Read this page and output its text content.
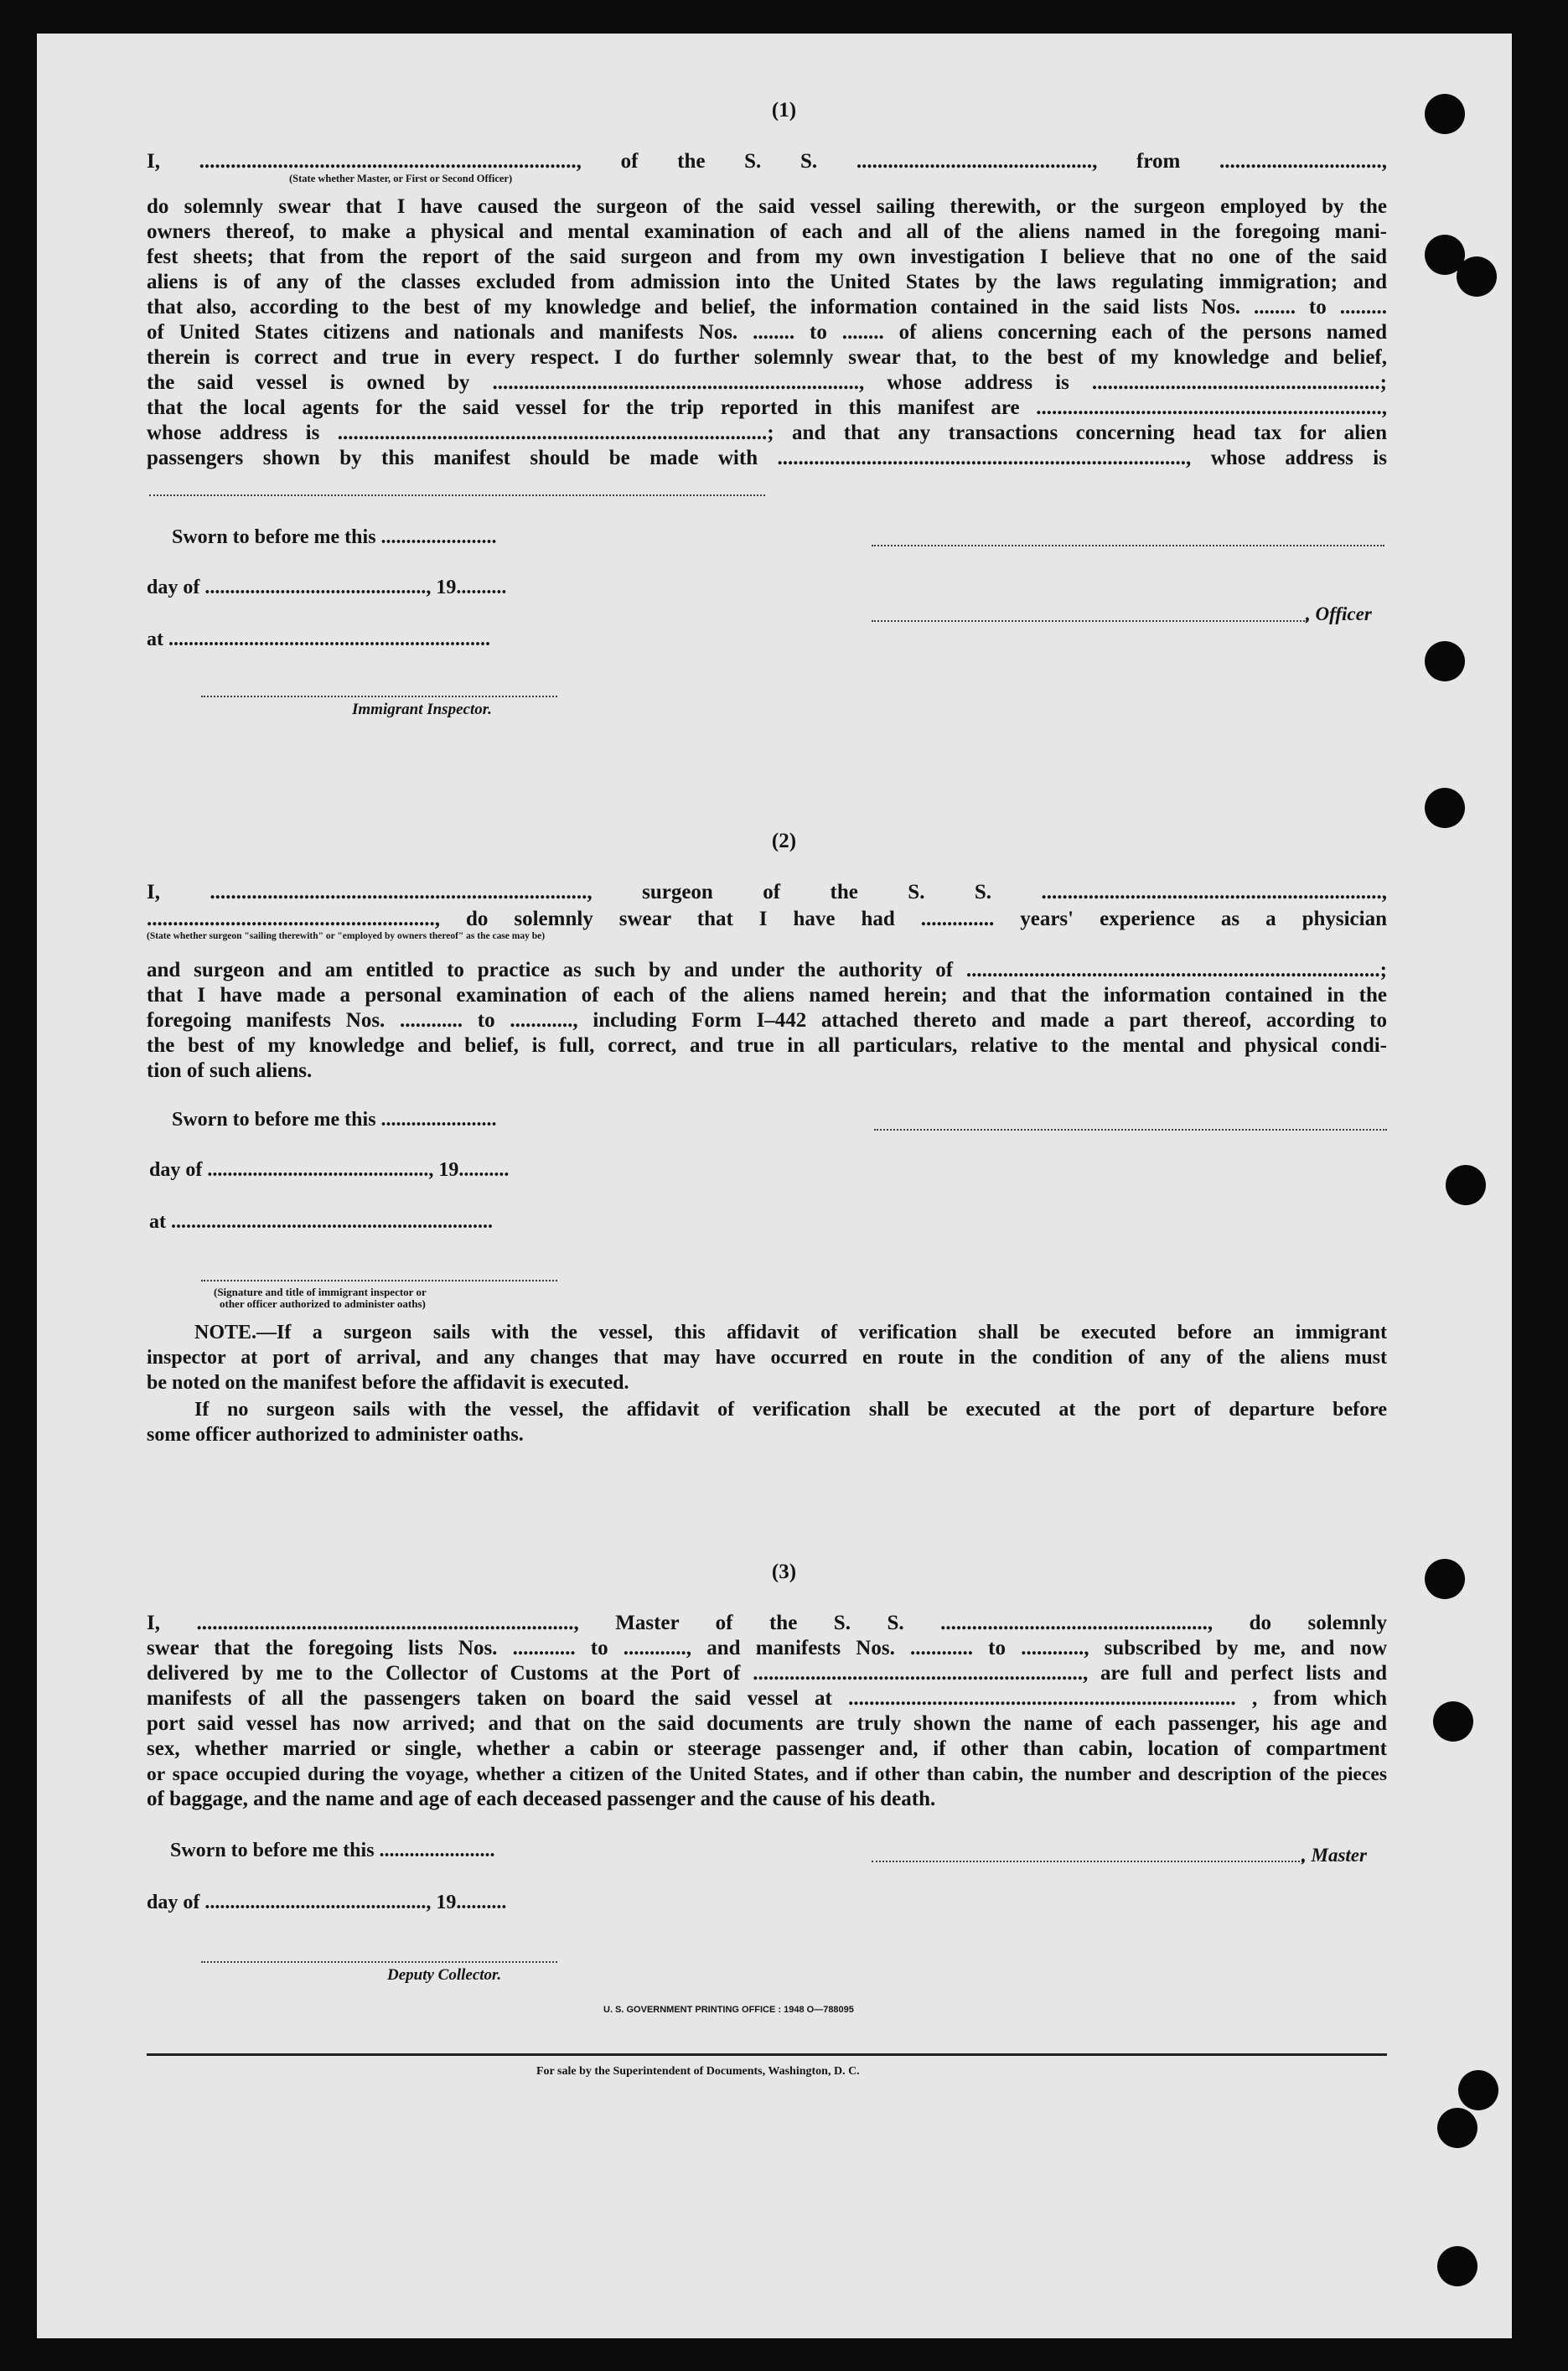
(1)
I, ........................................................................, of the S. S. ............................................., from ...............................,
(State whether Master, or First or Second Officer)
do solemnly swear that I have caused the surgeon of the said vessel sailing therewith, or the surgeon employed by the
owners thereof, to make a physical and mental examination of each and all of the aliens named in the foregoing mani-
fest sheets; that from the report of the said surgeon and from my own investigation I believe that no one of the said
aliens is of any of the classes excluded from admission into the United States by the laws regulating immigration; and
that also, according to the best of my knowledge and belief, the information contained in the said lists Nos. ........ to .........
of United States citizens and nationals and manifests Nos. ........ to ........ of aliens concerning each of the persons named
therein is correct and true in every respect. I do further solemnly swear that, to the best of my knowledge and belief,
the said vessel is owned by ......................................................................, whose address is .......................................................;
that the local agents for the said vessel for the trip reported in this manifest are ..................................................................,
whose address is ..................................................................................; and that any transactions concerning head tax for alien
passengers shown by this manifest should be made with .............................................................................., whose address is
Sworn to before me this .......................
day of ............................................, 19..........
, Officer
at ................................................................
Immigrant Inspector.
(2)
I, ........................................................................, surgeon of the S. S. .................................................................,
......................................................., do solemnly swear that I have had .............. years' experience as a physician
(State whether surgeon "sailing therewith" or "employed by owners thereof" as the case may be)
and surgeon and am entitled to practice as such by and under the authority of ...............................................................................;
that I have made a personal examination of each of the aliens named herein; and that the information contained in the
foregoing manifests Nos. ............ to ............, including Form I–442 attached thereto and made a part thereof, according to
the best of my knowledge and belief, is full, correct, and true in all particulars, relative to the mental and physical condi-
tion of such aliens.
Sworn to before me this .......................
day of ............................................, 19..........
at ................................................................
(Signature and title of immigrant inspector or
other officer authorized to administer oaths)
NOTE.—If a surgeon sails with the vessel, this affidavit of verification shall be executed before an immigrant
inspector at port of arrival, and any changes that may have occurred en route in the condition of any of the aliens must
be noted on the manifest before the affidavit is executed.
If no surgeon sails with the vessel, the affidavit of verification shall be executed at the port of departure before
some officer authorized to administer oaths.
(3)
I, ........................................................................, Master of the S. S. ..................................................., do solemnly
swear that the foregoing lists Nos. ............ to ............, and manifests Nos. ............ to ............, subscribed by me, and now
delivered by me to the Collector of Customs at the Port of ..............................................................., are full and perfect lists and
manifests of all the passengers taken on board the said vessel at .......................................................................... , from which
port said vessel has now arrived; and that on the said documents are truly shown the name of each passenger, his age and
sex, whether married or single, whether a cabin or steerage passenger and, if other than cabin, location of compartment
or space occupied during the voyage, whether a citizen of the United States, and if other than cabin, the number and description of the pieces
of baggage, and the name and age of each deceased passenger and the cause of his death.
Sworn to before me this .......................	, Master
day of ............................................, 19..........
Deputy Collector.
U. S. GOVERNMENT PRINTING OFFICE : 1948 O—788095
For sale by the Superintendent of Documents, Washington, D. C.
